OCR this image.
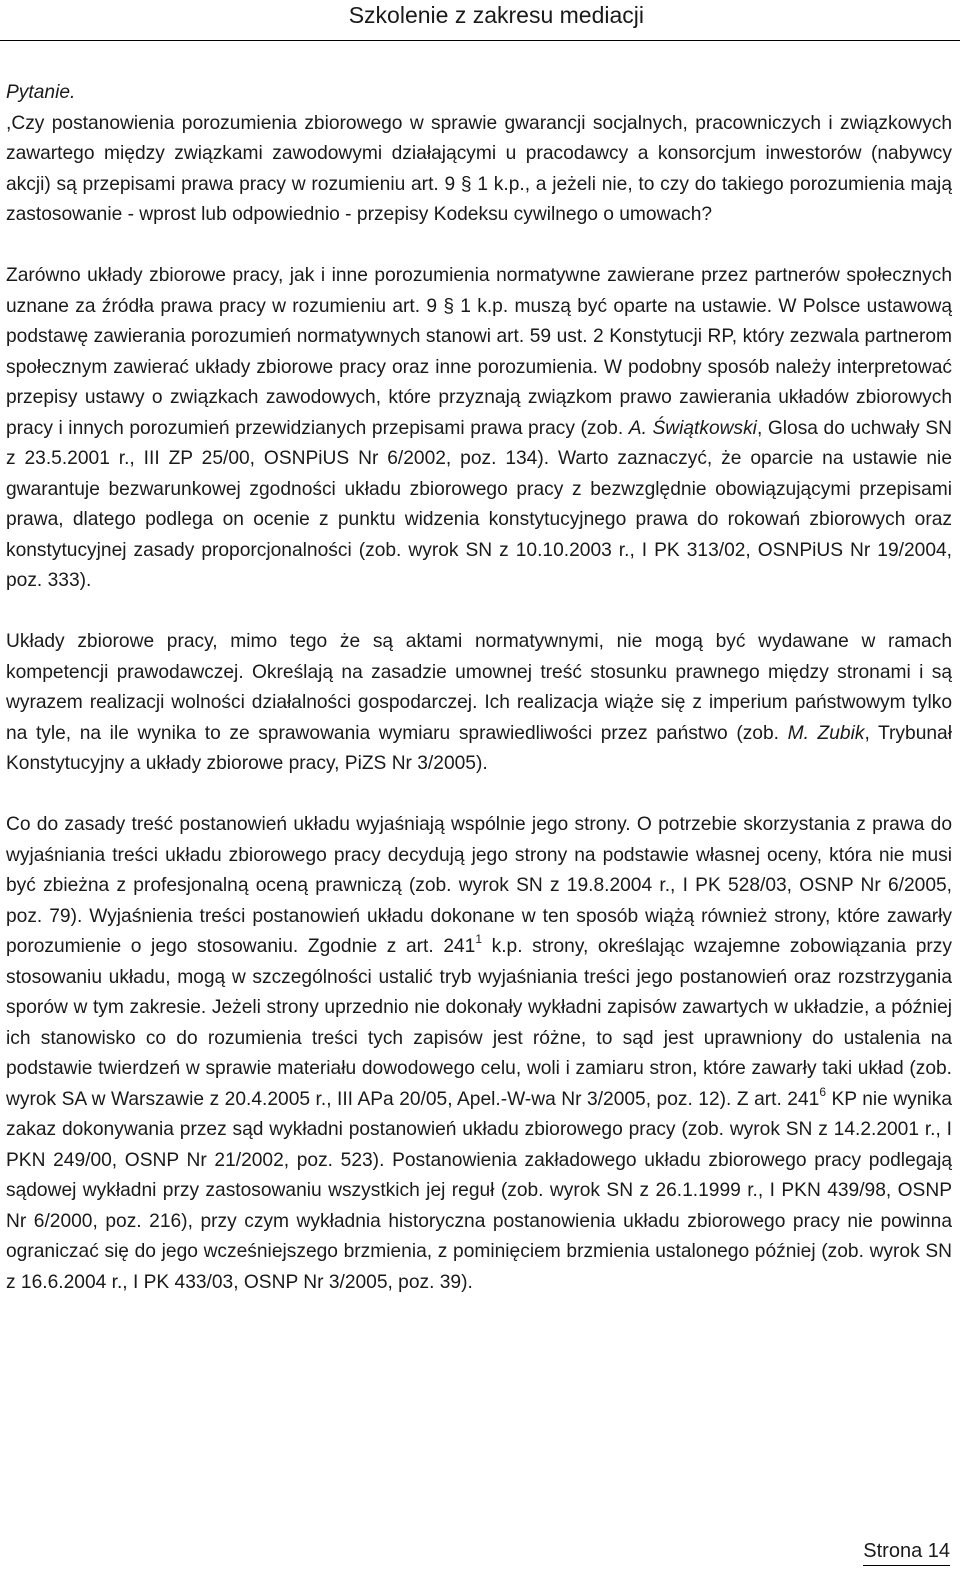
Szkolenie z zakresu mediacji

Pytanie.

,Czy postanowienia porozumienia zbiorowego w sprawie gwarancji socjalnych, pracowniczych i związkowych zawartego między związkami zawodowymi działającymi u pracodawcy a konsorcjum inwestorów (nabywcy akcji) są przepisami prawa pracy w rozumieniu art. 9 § 1 k.p., a jeżeli nie, to czy do takiego porozumienia mają zastosowanie - wprost lub odpowiednio - przepisy Kodeksu cywilnego o umowach?

Zarówno układy zbiorowe pracy, jak i inne porozumienia normatywne zawierane przez partnerów społecznych uznane za źródła prawa pracy w rozumieniu art. 9 § 1 k.p. muszą być oparte na ustawie. W Polsce ustawową podstawę zawierania porozumień normatywnych stanowi art. 59 ust. 2 Konstytucji RP, który zezwala partnerom społecznym zawierać układy zbiorowe pracy oraz inne porozumienia. W podobny sposób należy interpretować przepisy ustawy o związkach zawodowych, które przyznają związkom prawo zawierania układów zbiorowych pracy i innych porozumień przewidzianych przepisami prawa pracy (zob. A. Świątkowski, Glosa do uchwały SN z 23.5.2001 r., III ZP 25/00, OSNPiUS Nr 6/2002, poz. 134). Warto zaznaczyć, że oparcie na ustawie nie gwarantuje bezwarunkowej zgodności układu zbiorowego pracy z bezwzględnie obowiązującymi przepisami prawa, dlatego podlega on ocenie z punktu widzenia konstytucyjnego prawa do rokowań zbiorowych oraz konstytucyjnej zasady proporcjonalności (zob. wyrok SN z 10.10.2003 r., I PK 313/02, OSNPiUS Nr 19/2004, poz. 333).

Układy zbiorowe pracy, mimo tego że są aktami normatywnymi, nie mogą być wydawane w ramach kompetencji prawodawczej. Określają na zasadzie umownej treść stosunku prawnego między stronami i są wyrazem realizacji wolności działalności gospodarczej. Ich realizacja wiąże się z imperium państwowym tylko na tyle, na ile wynika to ze sprawowania wymiaru sprawiedliwości przez państwo (zob. M. Zubik, Trybunał Konstytucyjny a układy zbiorowe pracy, PiZS Nr 3/2005).

Co do zasady treść postanowień układu wyjaśniają wspólnie jego strony. O potrzebie skorzystania z prawa do wyjaśniania treści układu zbiorowego pracy decydują jego strony na podstawie własnej oceny, która nie musi być zbieżna z profesjonalną oceną prawniczą (zob. wyrok SN z 19.8.2004 r., I PK 528/03, OSNP Nr 6/2005, poz. 79). Wyjaśnienia treści postanowień układu dokonane w ten sposób wiążą również strony, które zawarły porozumienie o jego stosowaniu. Zgodnie z art. $241^1$ k.p. strony, określając wzajemne zobowiązania przy stosowaniu układu, mogą w szczególności ustalić tryb wyjaśniania treści jego postanowień oraz rozstrzygania sporów w tym zakresie. Jeżeli strony uprzednio nie dokonały wykładni zapisów zawartych w układzie, a później ich stanowisko co do rozumienia treści tych zapisów jest różne, to sąd jest uprawniony do ustalenia na podstawie twierdzeń w sprawie materiału dowodowego celu, woli i zamiaru stron, które zawarły taki układ (zob. wyrok SA w Warszawie z 20.4.2005 r., III APa 20/05, Apel.-W-wa Nr 3/2005, poz. 12). Z art. $241^6$ KP nie wynika zakaz dokonywania przez sąd wykładni postanowień układu zbiorowego pracy (zob. wyrok SN z 14.2.2001 r., I PKN 249/00, OSNP Nr 21/2002, poz. 523). Postanowienia zakładowego układu zbiorowego pracy podlegają sądowej wykładni przy zastosowaniu wszystkich jej reguł (zob. wyrok SN z 26.1.1999 r., I PKN 439/98, OSNP Nr 6/2000, poz. 216), przy czym wykładnia historyczna postanowienia układu zbiorowego pracy nie powinna ograniczać się do jego wcześniejszego brzmienia, z pominięciem brzmienia ustalonego później (zob. wyrok SN z 16.6.2004 r., I PK 433/03, OSNP Nr 3/2005, poz. 39).

Strona 14
